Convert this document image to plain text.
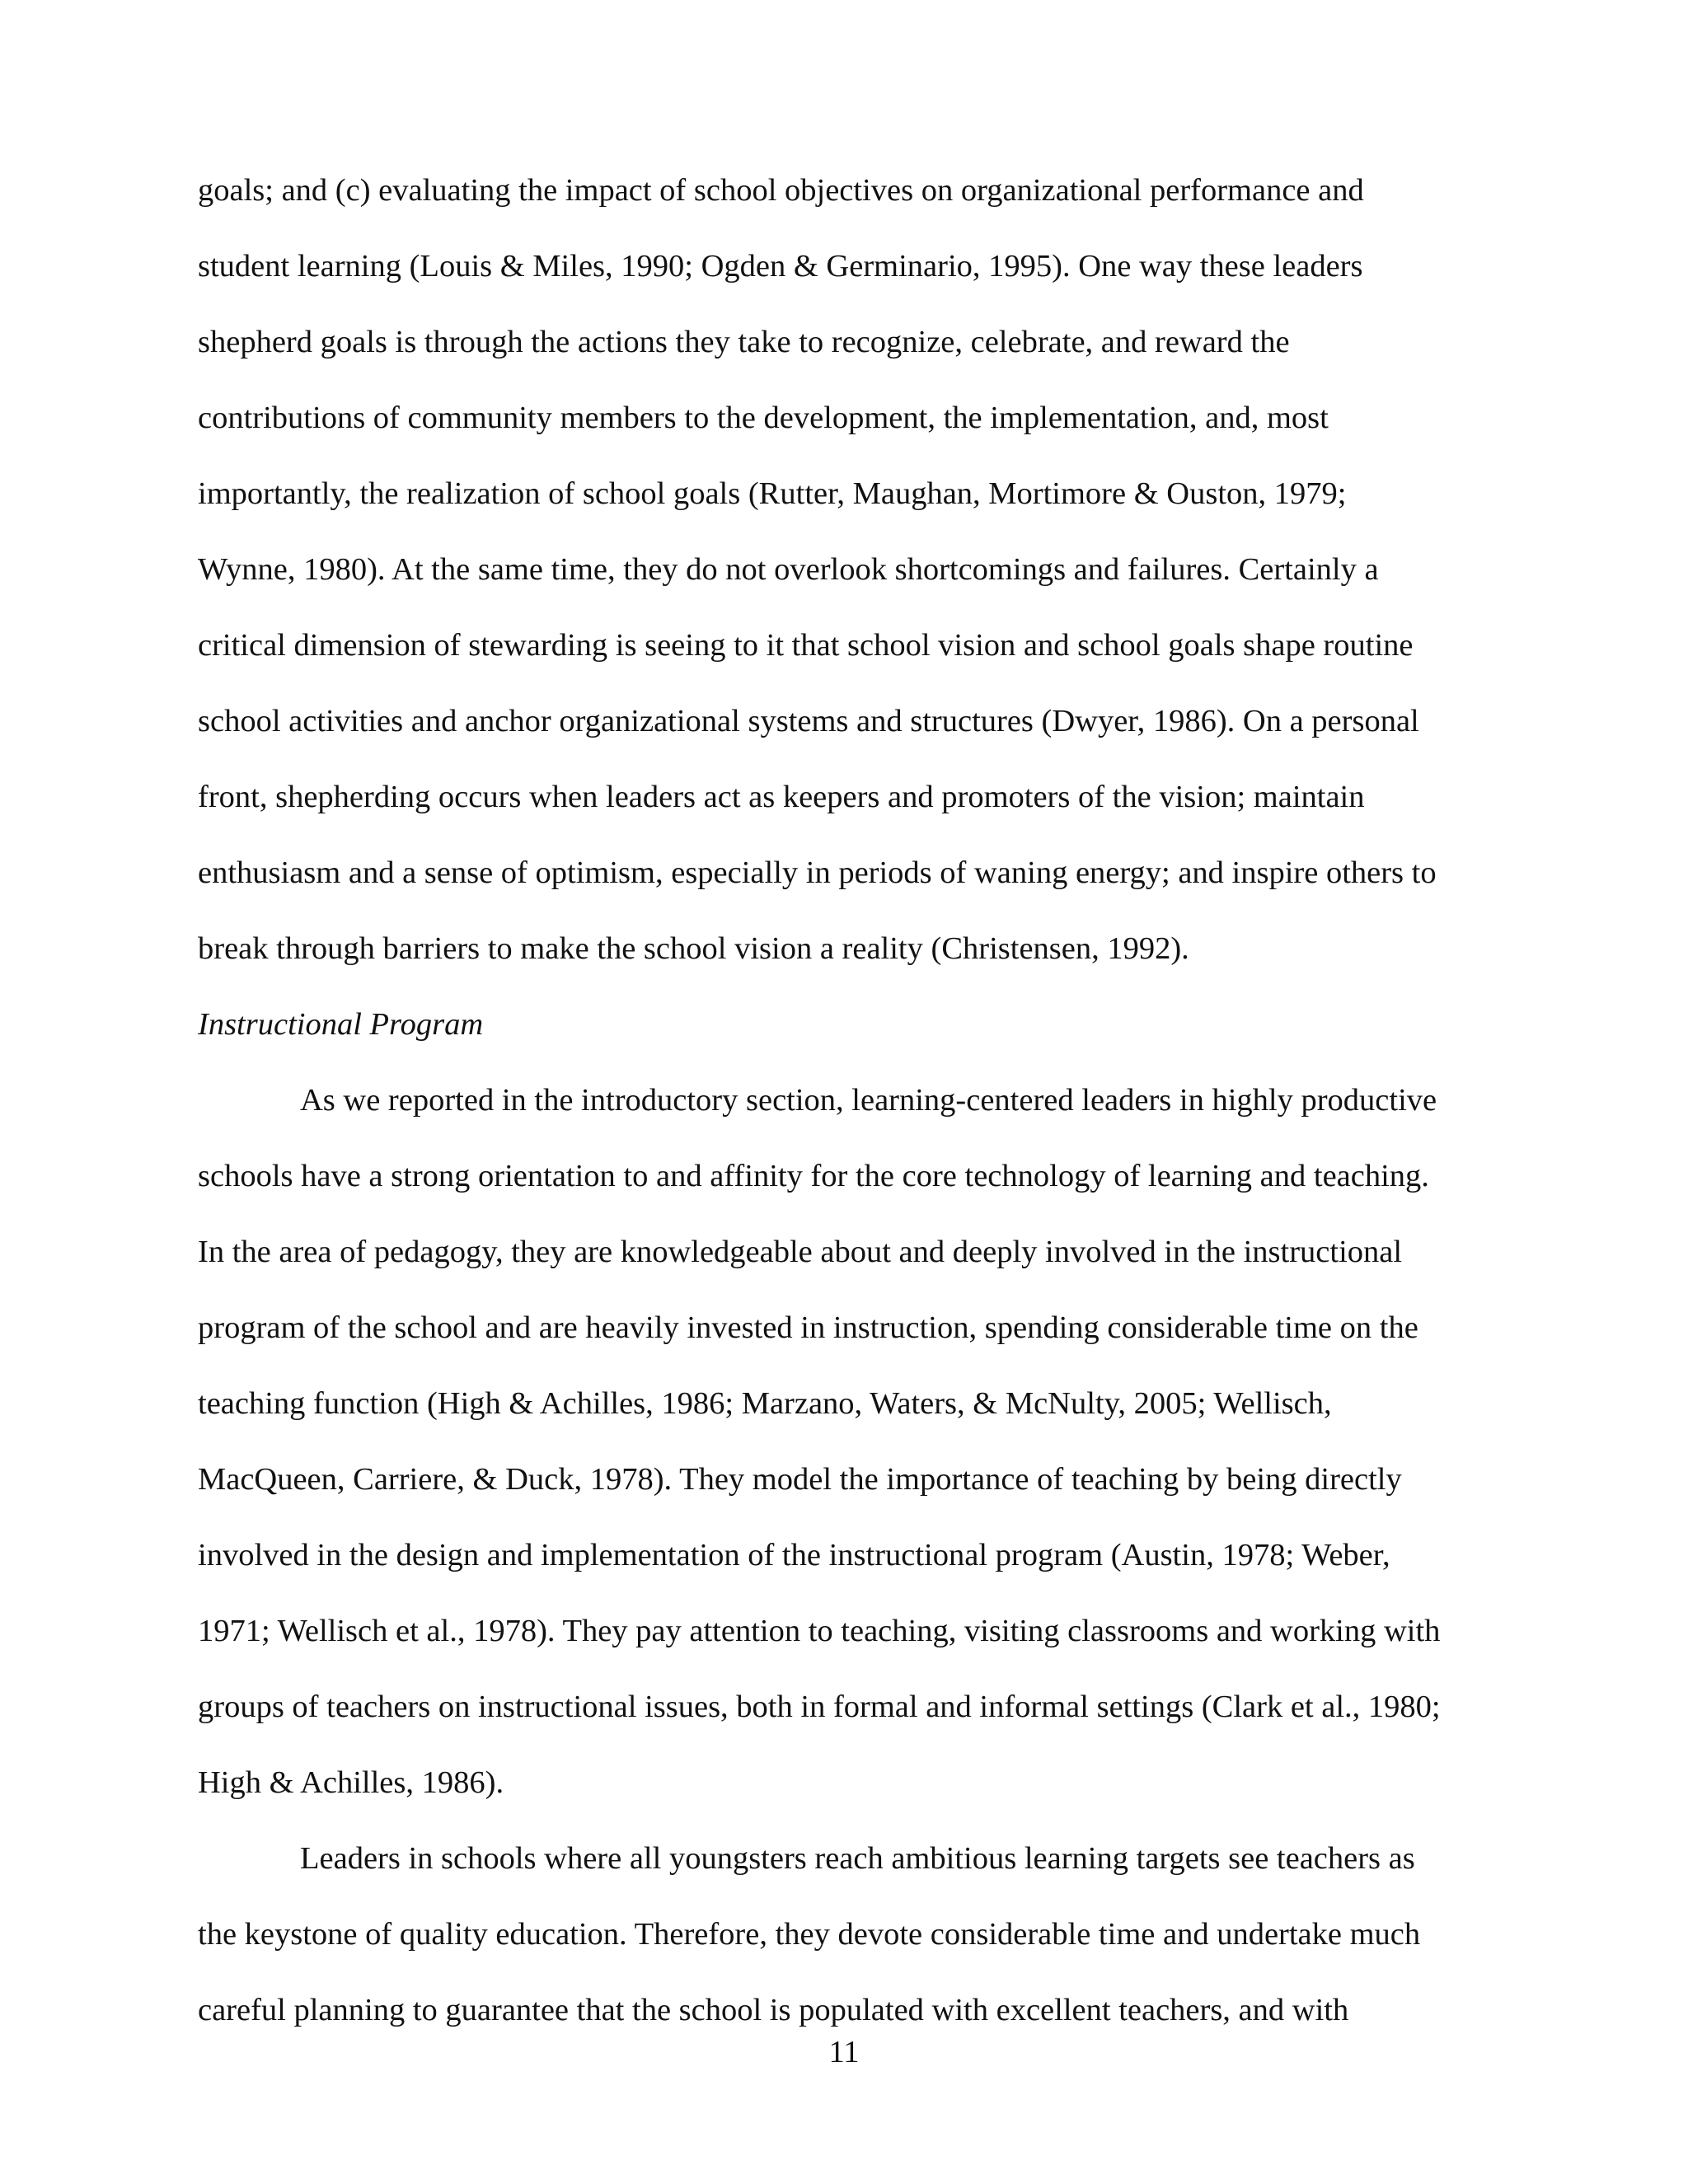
goals; and (c) evaluating the impact of school objectives on organizational performance and
student learning (Louis & Miles, 1990; Ogden & Germinario, 1995). One way these leaders
shepherd goals is through the actions they take to recognize, celebrate, and reward the
contributions of community members to the development, the implementation, and, most
importantly, the realization of school goals (Rutter, Maughan, Mortimore & Ouston, 1979;
Wynne, 1980). At the same time, they do not overlook shortcomings and failures. Certainly a
critical dimension of stewarding is seeing to it that school vision and school goals shape routine
school activities and anchor organizational systems and structures (Dwyer, 1986). On a personal
front, shepherding occurs when leaders act as keepers and promoters of the vision; maintain
enthusiasm and a sense of optimism, especially in periods of waning energy; and inspire others to
break through barriers to make the school vision a reality (Christensen, 1992).
Instructional Program
As we reported in the introductory section, learning-centered leaders in highly productive
schools have a strong orientation to and affinity for the core technology of learning and teaching.
In the area of pedagogy, they are knowledgeable about and deeply involved in the instructional
program of the school and are heavily invested in instruction, spending considerable time on the
teaching function (High & Achilles, 1986; Marzano, Waters, & McNulty, 2005; Wellisch,
MacQueen, Carriere, & Duck, 1978). They model the importance of teaching by being directly
involved in the design and implementation of the instructional program (Austin, 1978; Weber,
1971; Wellisch et al., 1978). They pay attention to teaching, visiting classrooms and working with
groups of teachers on instructional issues, both in formal and informal settings (Clark et al., 1980;
High & Achilles, 1986).
Leaders in schools where all youngsters reach ambitious learning targets see teachers as
the keystone of quality education. Therefore, they devote considerable time and undertake much
careful planning to guarantee that the school is populated with excellent teachers, and with
11
